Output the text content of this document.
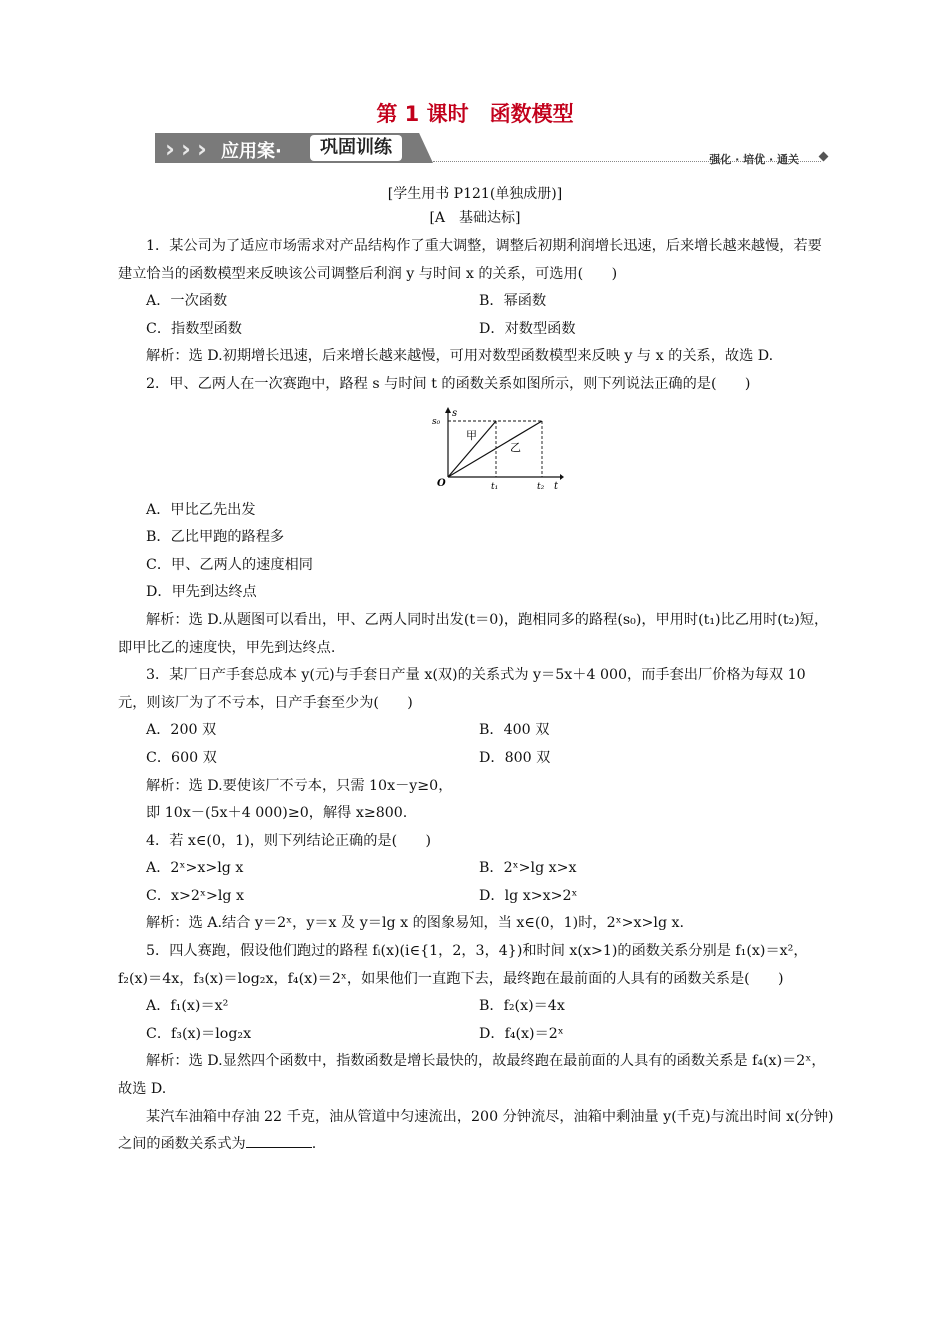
第 1 课时　函数模型
› › › 应用案·	巩固训练
强化 · 培优 · 通关
[学生用书 P121(单独成册)]
[A　基础达标]

1．某公司为了适应市场需求对产品结构作了重大调整，调整后初期利润增长迅速，后来增长越来越慢，若要建立恰当的函数模型来反映该公司调整后利润 y 与时间 x 的关系，可选用(　　)

A．一次函数	B．幂函数
C．指数型函数	D．对数型函数

解析：选 D.初期增长迅速，后来增长越来越慢，可用对数型函数模型来反映 y 与 x 的关系，故选 D.

2．甲、乙两人在一次赛跑中，路程 s 与时间 t 的函数关系如图所示，则下列说法正确的是(　　)

s
s₀
甲
乙
O	t₁	t₂ t

A．甲比乙先出发

B．乙比甲跑的路程多

C．甲、乙两人的速度相同

D．甲先到达终点

解析：选 D.从题图可以看出，甲、乙两人同时出发(t＝0)，跑相同多的路程(s₀)，甲用时(t₁)比乙用时(t₂)短，即甲比乙的速度快，甲先到达终点.

3．某厂日产手套总成本 y(元)与手套日产量 x(双)的关系式为 y＝5x＋4 000，而手套出厂价格为每双 10 元，则该厂为了不亏本，日产手套至少为(　　)

A．200 双	B．400 双
C．600 双	D．800 双

解析：选 D.要使该厂不亏本，只需 10x－y≥0，

即 10x－(5x＋4 000)≥0，解得 x≥800.

4．若 x∈(0，1)，则下列结论正确的是(　　)

A．2ˣ>x>lg x	B．2ˣ>lg x>x
C．x>2ˣ>lg x	D．lg x>x>2ˣ

解析：选 A.结合 y＝2ˣ，y＝x 及 y＝lg x 的图象易知，当 x∈(0，1)时，2ˣ>x>lg x.

5．四人赛跑，假设他们跑过的路程 fᵢ(x)(i∈{1，2，3，4})和时间 x(x>1)的函数关系分别是 f₁(x)＝x²，f₂(x)＝4x，f₃(x)＝log₂x，f₄(x)＝2ˣ，如果他们一直跑下去，最终跑在最前面的人具有的函数关系是(　　)

A．f₁(x)＝x²	B．f₂(x)＝4x
C．f₃(x)＝log₂x	D．f₄(x)＝2ˣ

解析：选 D.显然四个函数中，指数函数是增长最快的，故最终跑在最前面的人具有的函数关系是 f₄(x)＝2ˣ，故选 D.

某汽车油箱中存油 22 千克，油从管道中匀速流出，200 分钟流尽，油箱中剩油量 y(千克)与流出时间 x(分钟)之间的函数关系式为	.
